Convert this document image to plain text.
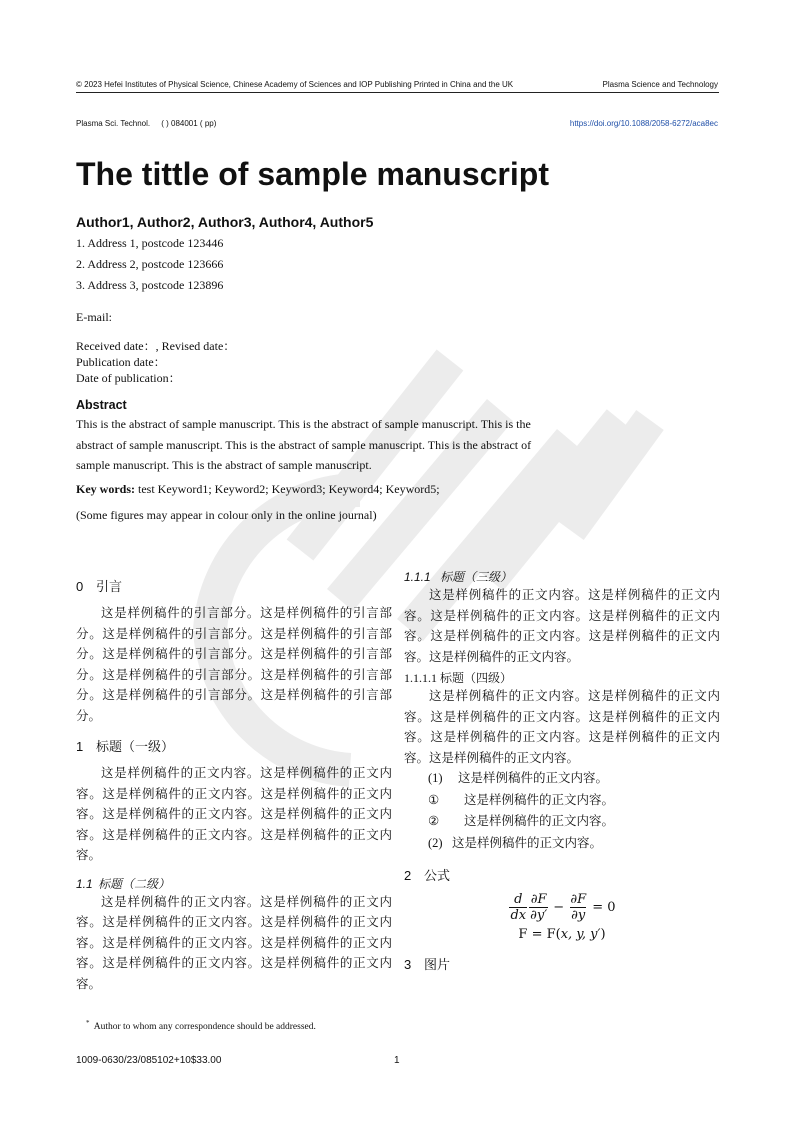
© 2023 Hefei Institutes of Physical Science, Chinese Academy of Sciences and IOP Publishing Printed in China and the UK	Plasma Science and Technology
Plasma Sci. Technol. ( ) 084001 ( pp)	https://doi.org/10.1088/2058-6272/aca8ec
The tittle of sample manuscript
Author1, Author2, Author3, Author4, Author5
1. Address 1, postcode 123446
2. Address 2, postcode 123666
3. Address 3, postcode 123896
E-mail:
Received date：, Revised date：
Publication date：
Date of publication：
Abstract
This is the abstract of sample manuscript. This is the abstract of sample manuscript. This is the
abstract of sample manuscript. This is the abstract of sample manuscript. This is the abstract of
sample manuscript. This is the abstract of sample manuscript.
Key words: test Keyword1; Keyword2; Keyword3; Keyword4; Keyword5;
(Some figures may appear in colour only in the online journal)
0 引言

这是样例稿件的引言部分。这是样例稿件的引言部分。这是样例稿件的引言部分。这是样例稿件的引言部分。这是样例稿件的引言部分。这是样例稿件的引言部分。这是样例稿件的引言部分。这是样例稿件的引言部分。这是样例稿件的引言部分。这是样例稿件的引言部分。

1 标题（一级）

这是样例稿件的正文内容。这是样例稿件的正文内容。这是样例稿件的正文内容。这是样例稿件的正文内容。这是样例稿件的正文内容。这是样例稿件的正文内容。这是样例稿件的正文内容。这是样例稿件的正文内容。

1.1 标题（二级）

这是样例稿件的正文内容。这是样例稿件的正文内容。这是样例稿件的正文内容。这是样例稿件的正文内容。这是样例稿件的正文内容。这是样例稿件的正文内容。这是样例稿件的正文内容。这是样例稿件的正文内容。

1.1.1 标题（三级）

这是样例稿件的正文内容。这是样例稿件的正文内容。这是样例稿件的正文内容。这是样例稿件的正文内容。这是样例稿件的正文内容。这是样例稿件的正文内容。这是样例稿件的正文内容。

1.1.1.1 标题（四级）

这是样例稿件的正文内容。这是样例稿件的正文内容。这是样例稿件的正文内容。这是样例稿件的正文内容。这是样例稿件的正文内容。这是样例稿件的正文内容。这是样例稿件的正文内容。

(1) 这是样例稿件的正文内容。
① 这是样例稿件的正文内容。
② 这是样例稿件的正文内容。
(2) 这是样例稿件的正文内容。
2 公式
$\frac{d}{dx} \frac{\partial F}{\partial y'} - \frac{\partial F}{\partial y} = 0$
F = F(x, y, y′)
3 图片
* Author to whom any correspondence should be addressed.
1009-0630/23/085102+10$33.00	1
